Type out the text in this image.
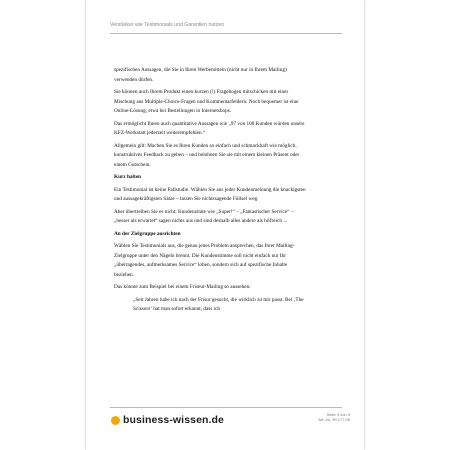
Verstärker wie Testimonials und Garantien nutzen

spezifischen Aussagen, die Sie in Ihren Werbemitteln (nicht nur in Ihrem Mailing) verwenden dürfen.

Sie können auch Ihrem Produkt einen kurzen (!) Fragebogen mitschicken mit einer Mischung aus Multiple-Choice-Fragen und Kommentarfeldern. Noch bequemer ist eine Online-Lösung, etwa bei Bestellungen in Internetshops.

Das ermöglicht Ihnen auch quantitative Aussagen wie „97 von 100 Kunden würden unsere KFZ-Werkstatt jederzeit weiterempfehlen.“

Allgemein gilt: Machen Sie es Ihren Kunden so einfach und schmackhaft wie möglich, konstruktives Feedback zu geben – und belohnen Sie sie mit einem kleinen Präsent oder einem Gutschein.

Kurz halten

Ein Testimonial ist keine Fallstudie. Wählen Sie aus jeder Kundenmeinung die knackigsten und aussagekräftigsten Sätze – lassen Sie nichtssagende Füllsel weg.

Aber übertreiben Sie es nicht: Kundenzitate wie „Super!“ – „Fantastischer Service“ – „besser als erwartet“ sagen nichts aus und sind deshalb alles andere als hilfreich ...

An der Zielgruppe ausrichten

Wählen Sie Testimonials aus, die genau jenes Problem ansprechen, das Ihrer Mailing-Zielgruppe unter den Nägeln brennt. Die Kundenstimme soll nicht einfach nur Ihr „überragendes, aufmerksames Service“ loben, sondern sich auf spezifische Inhalte beziehen.

Das könnte zum Beispiel bei einem Friseur-Mailing so aussehen:

„Seit Jahren habe ich nach der Frisur gesucht, die wirklich zu mir passt. Bei ‚The Scissors‘ hat man sofort erkannt, dass ich

business-wissen.de	Seite 3 von 9
Art.-Nr. 99.177.06
